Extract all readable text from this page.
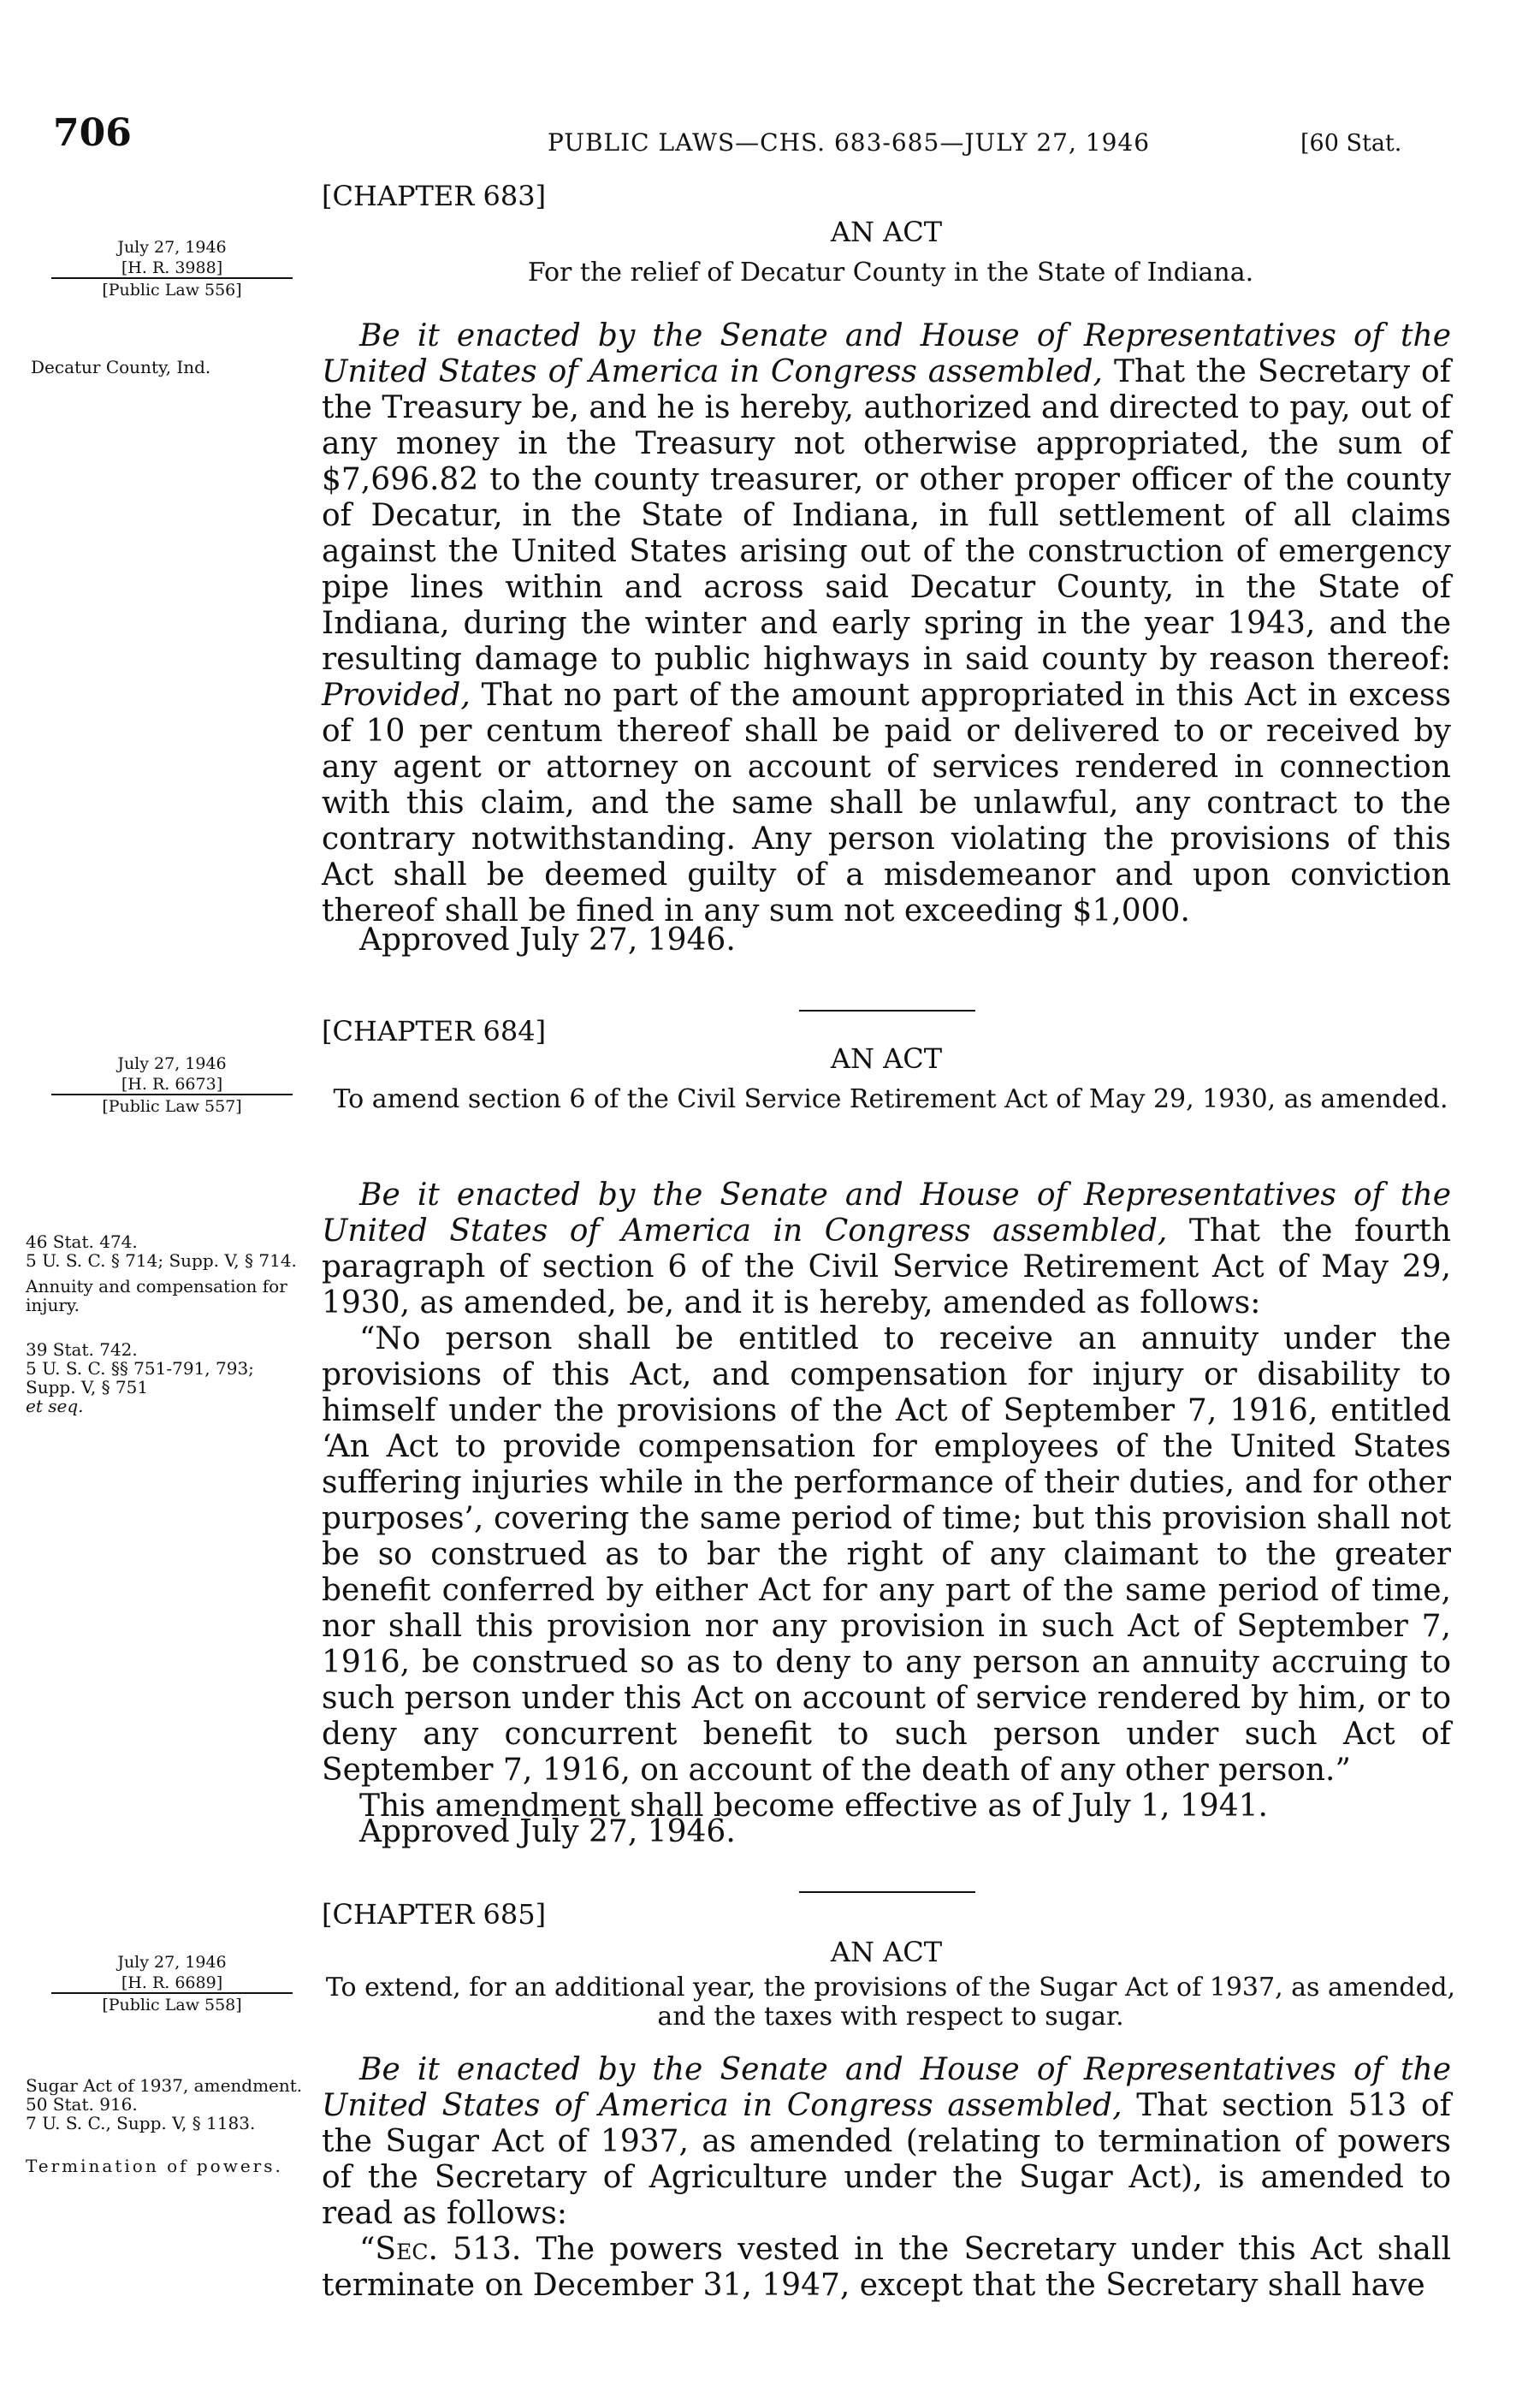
706	PUBLIC LAWS—CHS. 683-685—JULY 27, 1946	[60 Stat.
[CHAPTER 683]
AN ACT
For the relief of Decatur County in the State of Indiana.
July 27, 1946
[H. R. 3988]
[Public Law 556]
Decatur County, Ind.

Be it enacted by the Senate and House of Representatives of the United States of America in Congress assembled, That the Secretary of the Treasury be, and he is hereby, authorized and directed to pay, out of any money in the Treasury not otherwise appropriated, the sum of $7,696.82 to the county treasurer, or other proper officer of the county of Decatur, in the State of Indiana, in full settlement of all claims against the United States arising out of the construction of emergency pipe lines within and across said Decatur County, in the State of Indiana, during the winter and early spring in the year 1943, and the resulting damage to public highways in said county by reason thereof: Provided, That no part of the amount appropriated in this Act in excess of 10 per centum thereof shall be paid or delivered to or received by any agent or attorney on account of services rendered in connection with this claim, and the same shall be unlawful, any contract to the contrary notwithstanding. Any person violating the provisions of this Act shall be deemed guilty of a misdemeanor and upon conviction thereof shall be fined in any sum not exceeding $1,000.

Approved July 27, 1946.
[CHAPTER 684]
AN ACT
To amend section 6 of the Civil Service Retirement Act of May 29, 1930, as amended.
July 27, 1946
[H. R. 6673]
[Public Law 557]
46 Stat. 474.
5 U. S. C. § 714; Supp. V, § 714.
Annuity and compensation for injury.
39 Stat. 742.
5 U. S. C. §§ 751-791, 793; Supp. V, § 751
et seq.

Be it enacted by the Senate and House of Representatives of the United States of America in Congress assembled, That the fourth paragraph of section 6 of the Civil Service Retirement Act of May 29, 1930, as amended, be, and it is hereby, amended as follows:

“No person shall be entitled to receive an annuity under the provisions of this Act, and compensation for injury or disability to himself under the provisions of the Act of September 7, 1916, entitled ‘An Act to provide compensation for employees of the United States suffering injuries while in the performance of their duties, and for other purposes’, covering the same period of time; but this provision shall not be so construed as to bar the right of any claimant to the greater benefit conferred by either Act for any part of the same period of time, nor shall this provision nor any provision in such Act of September 7, 1916, be construed so as to deny to any person an annuity accruing to such person under this Act on account of service rendered by him, or to deny any concurrent benefit to such person under such Act of September 7, 1916, on account of the death of any other person.”

This amendment shall become effective as of July 1, 1941.

Approved July 27, 1946.
[CHAPTER 685]
AN ACT
To extend, for an additional year, the provisions of the Sugar Act of 1937, as amended, and the taxes with respect to sugar.
July 27, 1946
[H. R. 6689]
[Public Law 558]
Sugar Act of 1937, amendment.
50 Stat. 916.
7 U. S. C., Supp. V, § 1183.
Termination of powers.

Be it enacted by the Senate and House of Representatives of the United States of America in Congress assembled, That section 513 of the Sugar Act of 1937, as amended (relating to termination of powers of the Secretary of Agriculture under the Sugar Act), is amended to read as follows:

“Sec. 513. The powers vested in the Secretary under this Act shall terminate on December 31, 1947, except that the Secretary shall have
